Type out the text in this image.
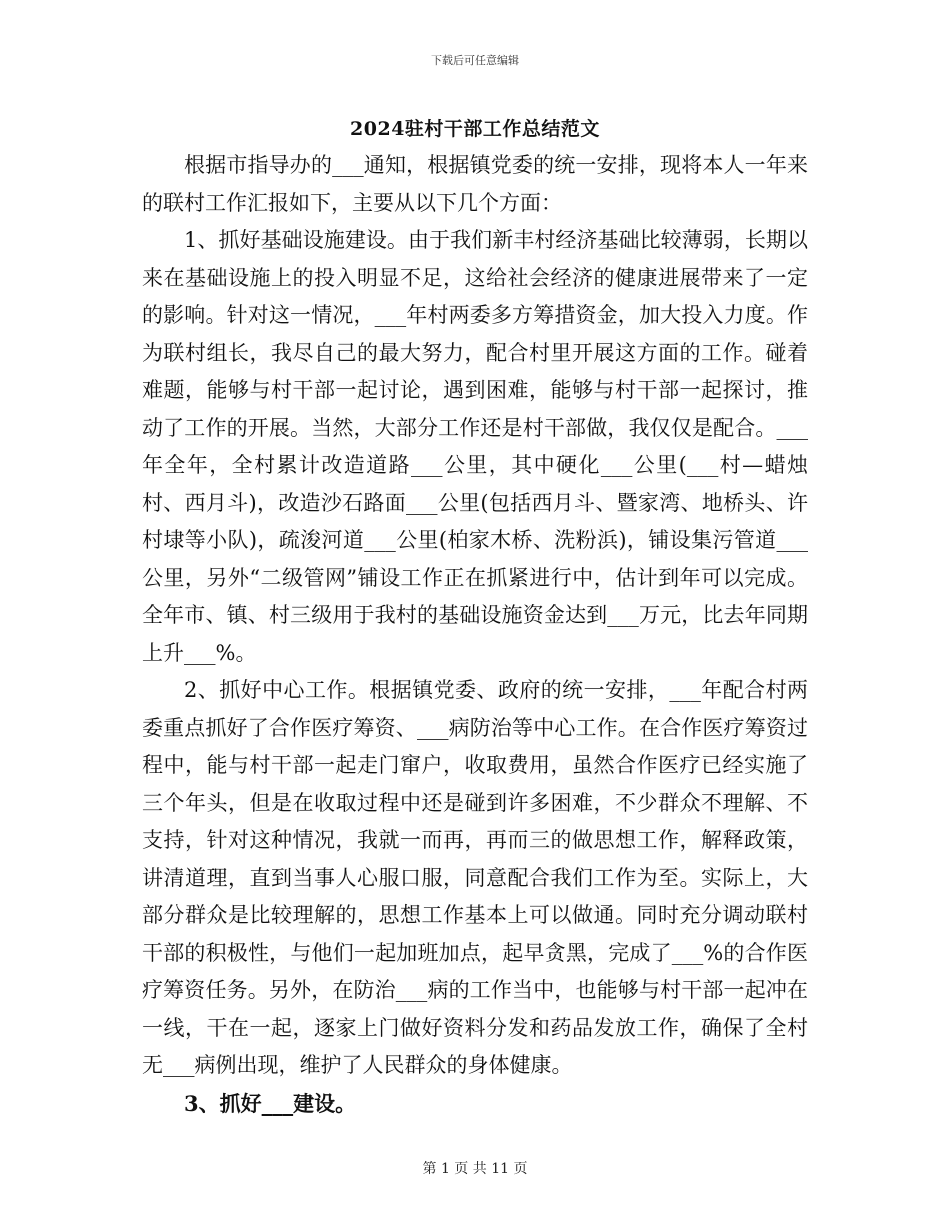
下载后可任意编辑
2024驻村干部工作总结范文

根据市指导办的___通知，根据镇党委的统一安排，现将本人一年来的联村工作汇报如下，主要从以下几个方面：

1、抓好基础设施建设。由于我们新丰村经济基础比较薄弱，长期以来在基础设施上的投入明显不足，这给社会经济的健康进展带来了一定的影响。针对这一情况，___年村两委多方筹措资金，加大投入力度。作为联村组长，我尽自己的最大努力，配合村里开展这方面的工作。碰着难题，能够与村干部一起讨论，遇到困难，能够与村干部一起探讨，推动了工作的开展。当然，大部分工作还是村干部做，我仅仅是配合。___年全年，全村累计改造道路___公里，其中硬化___公里(___村—蜡烛村、西月斗)，改造沙石路面___公里(包括西月斗、暨家湾、地桥头、许村埭等小队)，疏浚河道___公里(柏家木桥、洗粉浜)，铺设集污管道___公里，另外“二级管网”铺设工作正在抓紧进行中，估计到年可以完成。全年市、镇、村三级用于我村的基础设施资金达到___万元，比去年同期上升___%。

2、抓好中心工作。根据镇党委、政府的统一安排，___年配合村两委重点抓好了合作医疗筹资、___病防治等中心工作。在合作医疗筹资过程中，能与村干部一起走门窜户，收取费用，虽然合作医疗已经实施了三个年头，但是在收取过程中还是碰到许多困难，不少群众不理解、不支持，针对这种情况，我就一而再，再而三的做思想工作，解释政策，讲清道理，直到当事人心服口服，同意配合我们工作为至。实际上，大部分群众是比较理解的，思想工作基本上可以做通。同时充分调动联村干部的积极性，与他们一起加班加点，起早贪黑，完成了___%的合作医疗筹资任务。另外，在防治___病的工作当中，也能够与村干部一起冲在一线，干在一起，逐家上门做好资料分发和药品发放工作，确保了全村无___病例出现，维护了人民群众的身体健康。

3、抓好___建设。

第 1 页 共 11 页
